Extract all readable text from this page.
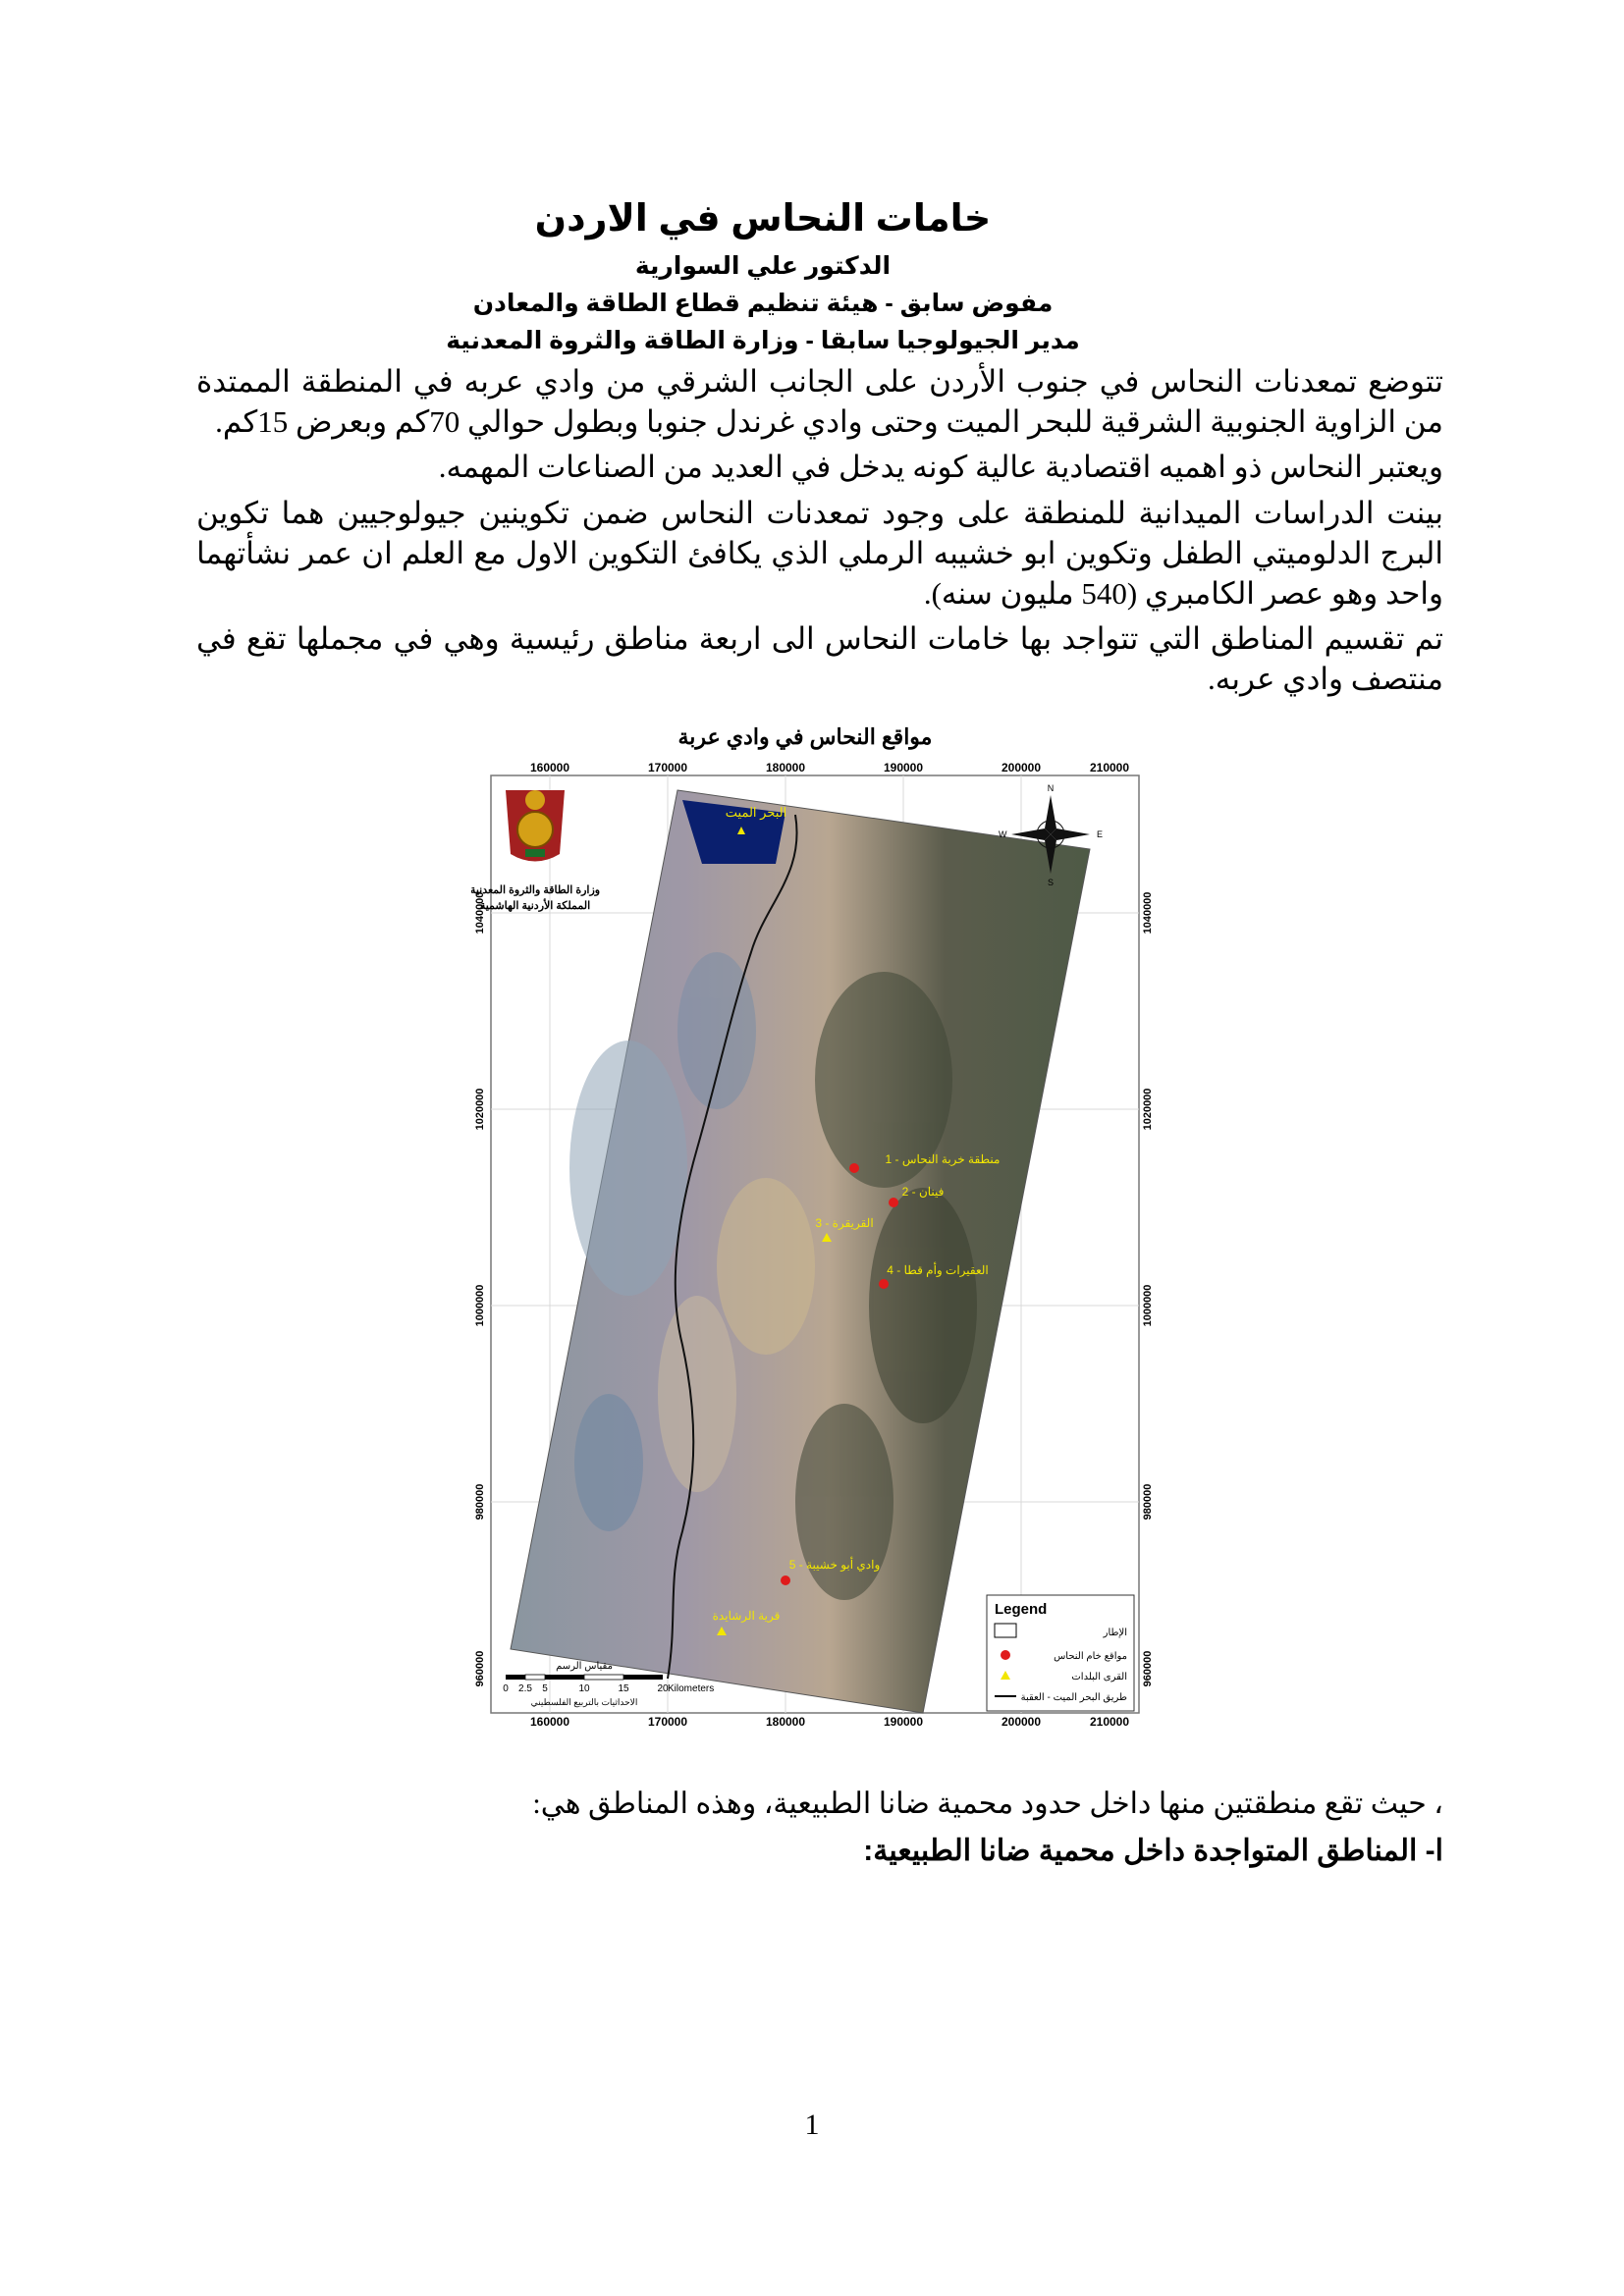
خامات النحاس في الاردن
الدكتور علي السوارية
مفوض سابق - هيئة تنظيم قطاع الطاقة والمعادن
مدير الجيولوجيا سابقا - وزارة الطاقة والثروة المعدنية
تتوضع تمعدنات النحاس في جنوب الأردن على الجانب الشرقي من وادي عربه في المنطقة الممتدة من الزاوية الجنوبية الشرقية للبحر الميت وحتى وادي غرندل جنوبا وبطول حوالي 70كم وبعرض 15كم.
ويعتبر النحاس ذو اهميه اقتصادية عالية كونه يدخل في العديد من الصناعات المهمه.
بينت الدراسات الميدانية للمنطقة على وجود تمعدنات النحاس ضمن تكوينين جيولوجيين هما تكوين البرج الدلوميتي الطفل وتكوين ابو خشيبه الرملي الذي يكافئ التكوين الاول مع العلم ان عمر نشأتهما واحد وهو عصر الكامبري (540 مليون سنه).
تم تقسيم المناطق التي تتواجد بها خامات النحاس الى اربعة مناطق رئيسية وهي في مجملها تقع في منتصف وادي عربه.
مواقع النحاس في وادي عربة
وزارة الطاقة والثروة المعدنية
المملكة الأردنية الهاشمية
N
S
E
W
البحر الميت
1 - منطقة خربة النحاس
2 - فينان
3 - القريقرة
4 - العقيرات وأم قطا
5 - وادي أبو خشيبة
قرية الرشايدة
160000	170000	180000	190000	200000	210000
160000	170000	180000	190000	200000	210000
1040000
1020000
1000000
980000
960000
1040000
1020000
1000000
980000
960000
Legend
الإطار
مواقع خام النحاس
القرى البلدات
طريق البحر الميت - العقبة
مقياس الرسم
0 2.5 5	10	15	20 Kilometers
الاحداثيات بالتربيع الفلسطيني
، حيث تقع منطقتين منها داخل حدود محمية ضانا الطبيعية، وهذه المناطق هي:
ا- المناطق المتواجدة داخل محمية ضانا الطبيعية:
1
